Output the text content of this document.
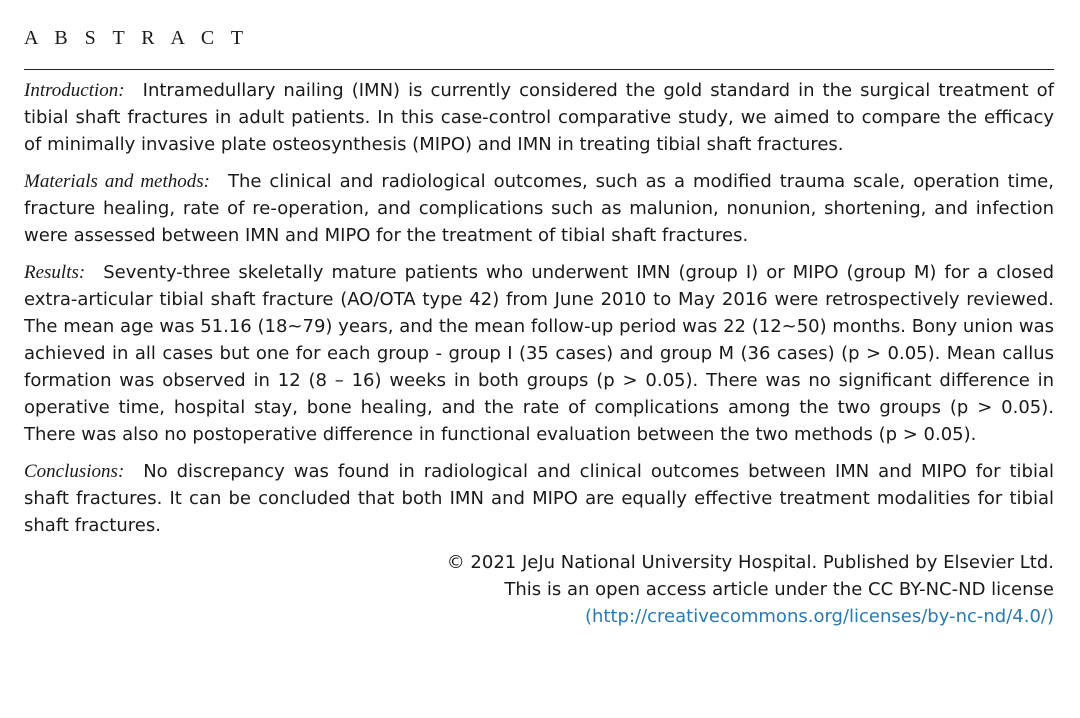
A B S T R A C T

Introduction: Intramedullary nailing (IMN) is currently considered the gold standard in the surgical treatment of tibial shaft fractures in adult patients. In this case-control comparative study, we aimed to compare the efficacy of minimally invasive plate osteosynthesis (MIPO) and IMN in treating tibial shaft fractures.

Materials and methods: The clinical and radiological outcomes, such as a modified trauma scale, operation time, fracture healing, rate of re-operation, and complications such as malunion, nonunion, shortening, and infection were assessed between IMN and MIPO for the treatment of tibial shaft fractures.

Results: Seventy-three skeletally mature patients who underwent IMN (group I) or MIPO (group M) for a closed extra-articular tibial shaft fracture (AO/OTA type 42) from June 2010 to May 2016 were retrospectively reviewed. The mean age was 51.16 (18~79) years, and the mean follow-up period was 22 (12~50) months. Bony union was achieved in all cases but one for each group - group I (35 cases) and group M (36 cases) (p > 0.05). Mean callus formation was observed in 12 (8 – 16) weeks in both groups (p > 0.05). There was no significant difference in operative time, hospital stay, bone healing, and the rate of complications among the two groups (p > 0.05). There was also no postoperative difference in functional evaluation between the two methods (p > 0.05).

Conclusions: No discrepancy was found in radiological and clinical outcomes between IMN and MIPO for tibial shaft fractures. It can be concluded that both IMN and MIPO are equally effective treatment modalities for tibial shaft fractures.

© 2021 JeJu National University Hospital. Published by Elsevier Ltd.
This is an open access article under the CC BY-NC-ND license
(http://creativecommons.org/licenses/by-nc-nd/4.0/)
